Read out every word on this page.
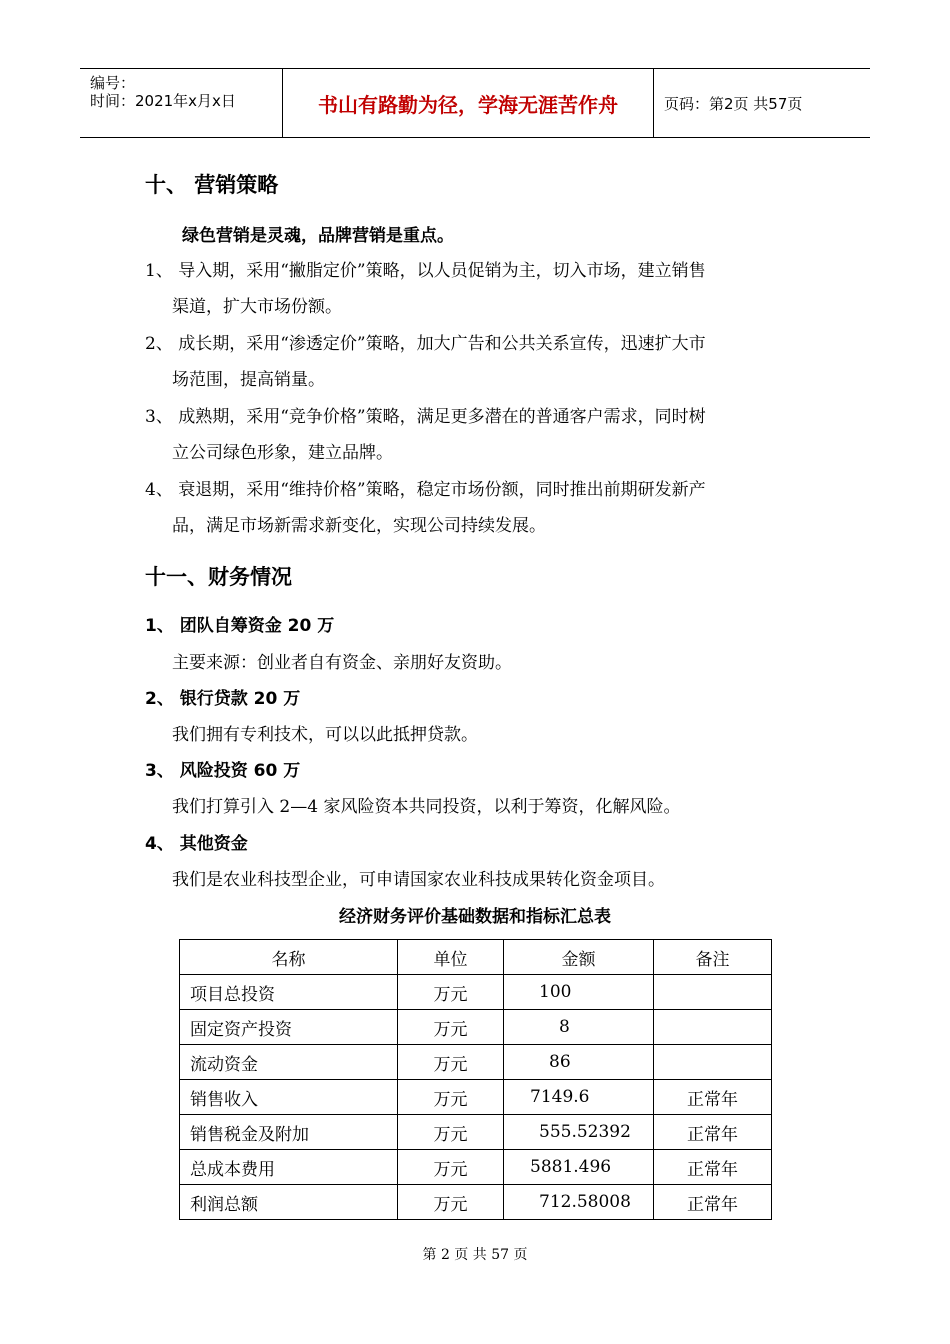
编号：
时间：2021年x月x日	书山有路勤为径，学海无涯苦作舟	页码：第2页 共57页
十、 营销策略
绿色营销是灵魂，品牌营销是重点。
1、 导入期，采用“撇脂定价”策略，以人员促销为主，切入市场，建立销售
渠道，扩大市场份额。
2、 成长期，采用“渗透定价”策略，加大广告和公共关系宣传，迅速扩大市
场范围，提高销量。
3、 成熟期，采用“竞争价格”策略，满足更多潜在的普通客户需求，同时树
立公司绿色形象，建立品牌。
4、 衰退期，采用“维持价格”策略，稳定市场份额，同时推出前期研发新产
品，满足市场新需求新变化，实现公司持续发展。
十一、财务情况
1、 团队自筹资金 20 万
主要来源：创业者自有资金、亲朋好友资助。
2、 银行贷款 20 万
我们拥有专利技术，可以以此抵押贷款。
3、 风险投资 60 万
我们打算引入 2—4 家风险资本共同投资，以利于筹资，化解风险。
4、 其他资金
我们是农业科技型企业，可申请国家农业科技成果转化资金项目。
经济财务评价基础数据和指标汇总表
名称	单位	金额	备注
项目总投资	万元	100	
固定资产投资	万元	8	
流动资金	万元	86	
销售收入	万元	7149.6	正常年
销售税金及附加	万元	555.52392	正常年
总成本费用	万元	5881.496	正常年
利润总额	万元	712.58008	正常年
第 2 页 共 57 页
